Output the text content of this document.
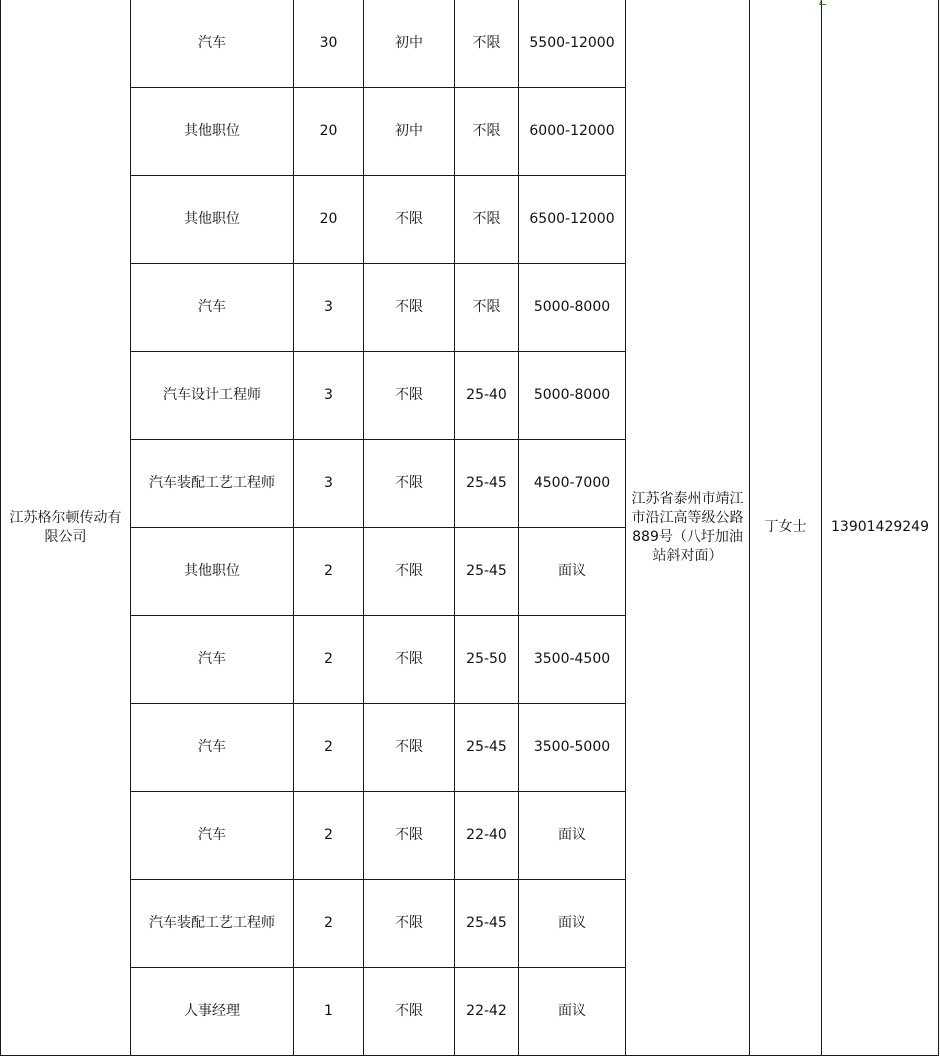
江苏格尔顿传动有限公司	汽车	30	初中	不限	5500-12000	江苏省泰州市靖江市沿江高等级公路889号（八圩加油站斜对面）	丁女士	13901429249
	其他职位	20	初中	不限	6000-12000			
	其他职位	20	不限	不限	6500-12000			
	汽车	3	不限	不限	5000-8000			
	汽车设计工程师	3	不限	25-40	5000-8000			
	汽车装配工艺工程师	3	不限	25-45	4500-7000			
	其他职位	2	不限	25-45	面议			
	汽车	2	不限	25-50	3500-4500			
	汽车	2	不限	25-45	3500-5000			
	汽车	2	不限	22-40	面议			
	汽车装配工艺工程师	2	不限	25-45	面议			
	人事经理	1	不限	22-42	面议			
